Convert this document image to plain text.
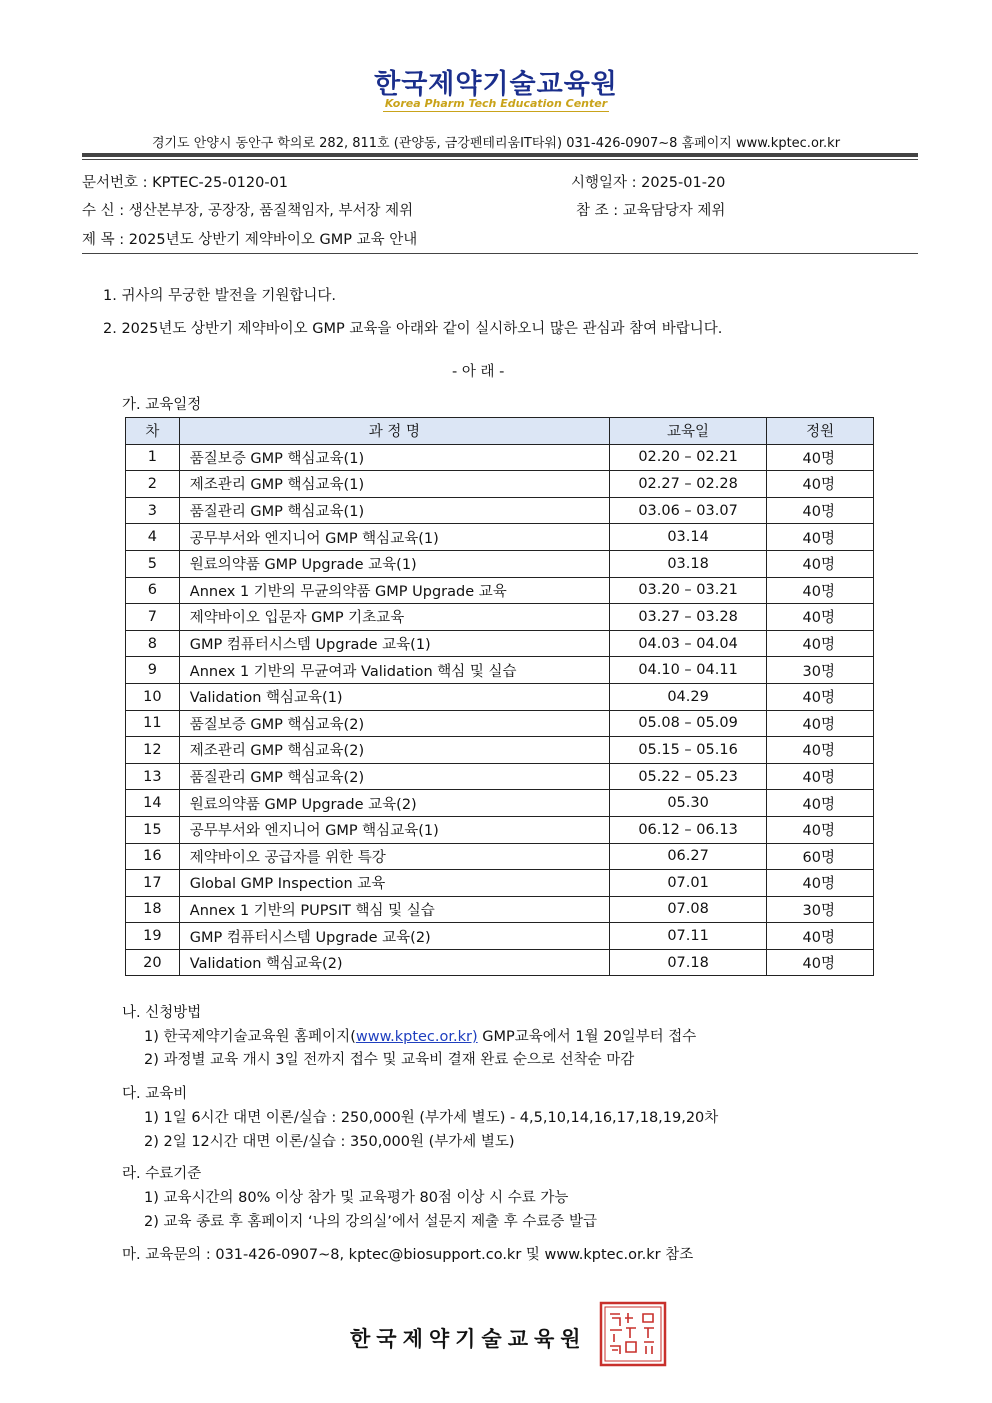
한국제약기술교육원
Korea Pharm Tech Education Center
경기도 안양시 동안구 학의로 282, 811호 (관양동, 금강펜테리움IT타워) 031-426-0907~8 홈페이지 www.kptec.or.kr
문서번호 : KPTEC-25-0120-01	시행일자 : 2025-01-20
수 신 : 생산본부장, 공장장, 품질책임자, 부서장 제위	참 조 : 교육담당자 제위
제 목 : 2025년도 상반기 제약바이오 GMP 교육 안내
1. 귀사의 무궁한 발전을 기원합니다.
2. 2025년도 상반기 제약바이오 GMP 교육을 아래와 같이 실시하오니 많은 관심과 참여 바랍니다.
- 아 래 -
가. 교육일정
차	과 정 명	교육일	정원
1	품질보증 GMP 핵심교육(1)	02.20 – 02.21	40명
2	제조관리 GMP 핵심교육(1)	02.27 – 02.28	40명
3	품질관리 GMP 핵심교육(1)	03.06 – 03.07	40명
4	공무부서와 엔지니어 GMP 핵심교육(1)	03.14	40명
5	원료의약품 GMP Upgrade 교육(1)	03.18	40명
6	Annex 1 기반의 무균의약품 GMP Upgrade 교육	03.20 – 03.21	40명
7	제약바이오 입문자 GMP 기초교육	03.27 – 03.28	40명
8	GMP 컴퓨터시스템 Upgrade 교육(1)	04.03 – 04.04	40명
9	Annex 1 기반의 무균여과 Validation 핵심 및 실습	04.10 – 04.11	30명
10	Validation 핵심교육(1)	04.29	40명
11	품질보증 GMP 핵심교육(2)	05.08 – 05.09	40명
12	제조관리 GMP 핵심교육(2)	05.15 – 05.16	40명
13	품질관리 GMP 핵심교육(2)	05.22 – 05.23	40명
14	원료의약품 GMP Upgrade 교육(2)	05.30	40명
15	공무부서와 엔지니어 GMP 핵심교육(1)	06.12 – 06.13	40명
16	제약바이오 공급자를 위한 특강	06.27	60명
17	Global GMP Inspection 교육	07.01	40명
18	Annex 1 기반의 PUPSIT 핵심 및 실습	07.08	30명
19	GMP 컴퓨터시스템 Upgrade 교육(2)	07.11	40명
20	Validation 핵심교육(2)	07.18	40명
나. 신청방법
1) 한국제약기술교육원 홈페이지(www.kptec.or.kr) GMP교육에서 1월 20일부터 접수
2) 과정별 교육 개시 3일 전까지 접수 및 교육비 결재 완료 순으로 선착순 마감
다. 교육비
1) 1일 6시간 대면 이론/실습 : 250,000원 (부가세 별도) - 4,5,10,14,16,17,18,19,20차
2) 2일 12시간 대면 이론/실습 : 350,000원 (부가세 별도)
라. 수료기준
1) 교육시간의 80% 이상 참가 및 교육평가 80점 이상 시 수료 가능
2) 교육 종료 후 홈페이지 ‘나의 강의실’에서 설문지 제출 후 수료증 발급
마. 교육문의 : 031-426-0907~8, kptec@biosupport.co.kr 및 www.kptec.or.kr 참조
한국제약기술교육원
